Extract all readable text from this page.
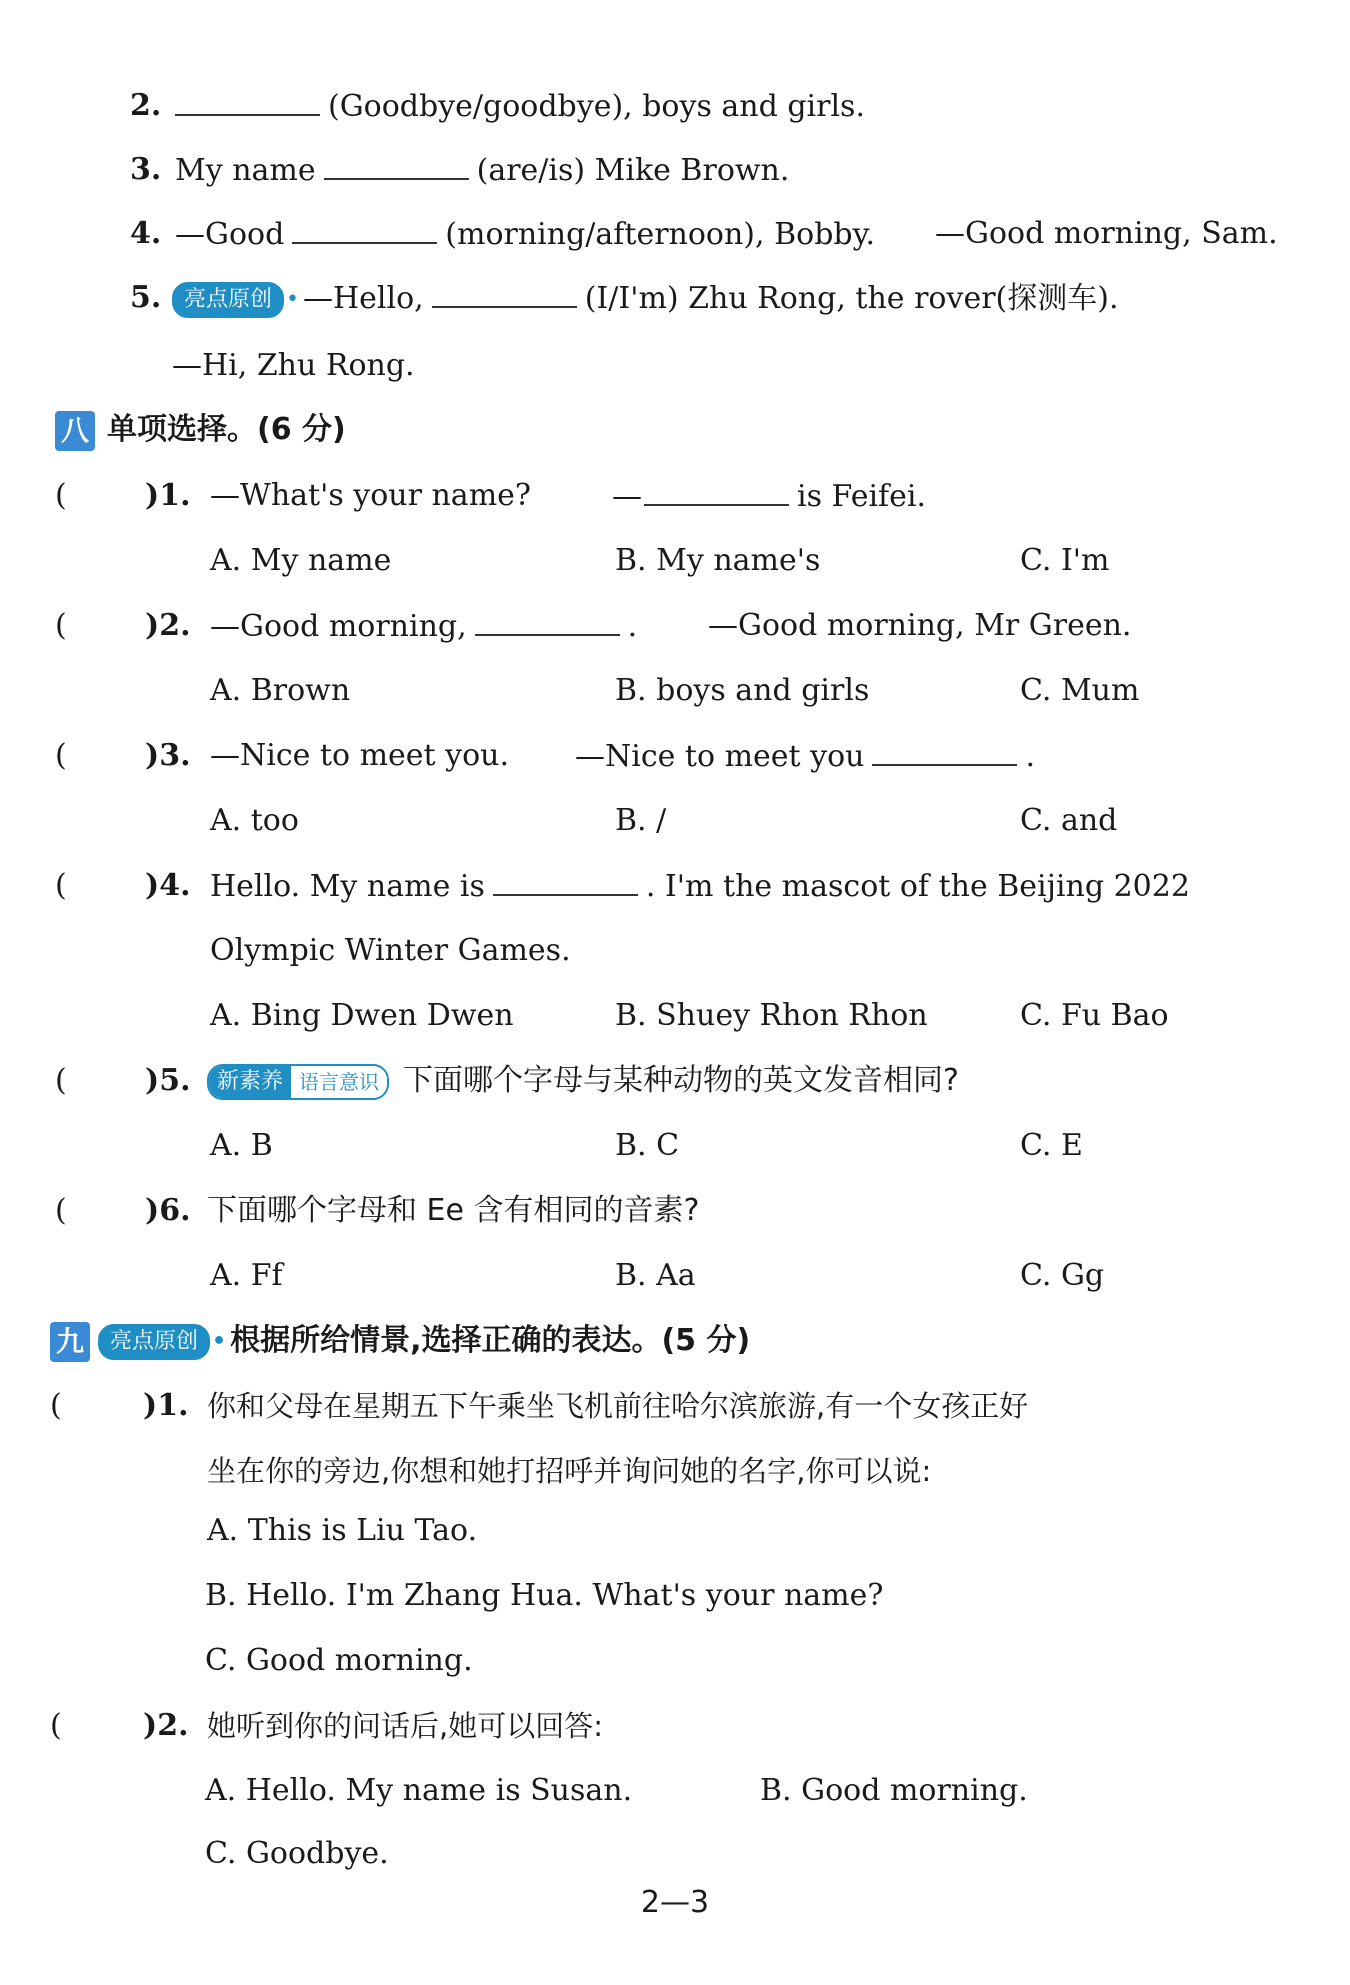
2.	(Goodbye/goodbye), boys and girls.
3. My name	(are/is) Mike Brown.
4. —Good	(morning/afternoon), Bobby. —Good morning, Sam.
5.	亮点原创 • —Hello,	(I/I'm) Zhu Rong, the rover(探测车).
—Hi, Zhu Rong.
八 单项选择。(6 分)
(	)1. —What's your name?	—	is Feifei.
A. My name	B. My name's	C. I'm
(	)2. —Good morning,	. —Good morning, Mr Green.
A. Brown	B. boys and girls	C. Mum
(	)3. —Nice to meet you. —Nice to meet you	.
A. too	B. /	C. and
(	)4. Hello. My name is	. I'm the mascot of the Beijing 2022
Olympic Winter Games.
A. Bing Dwen Dwen	B. Shuey Rhon Rhon	C. Fu Bao
(	)5.	新素养 语言意识 下面哪个字母与某种动物的英文发音相同?
A. B	B. C	C. E
(	)6. 下面哪个字母和 Ee 含有相同的音素?
A. Ff	B. Aa	C. Gg
九 亮点原创 • 根据所给情景,选择正确的表达。(5 分)
(	)1. 你和父母在星期五下午乘坐飞机前往哈尔滨旅游,有一个女孩正好
坐在你的旁边,你想和她打招呼并询问她的名字,你可以说:
A. This is Liu Tao.
B. Hello. I'm Zhang Hua. What's your name?
C. Good morning.
(	)2. 她听到你的问话后,她可以回答:
A. Hello. My name is Susan.	B. Good morning.
C. Goodbye.
2—3
